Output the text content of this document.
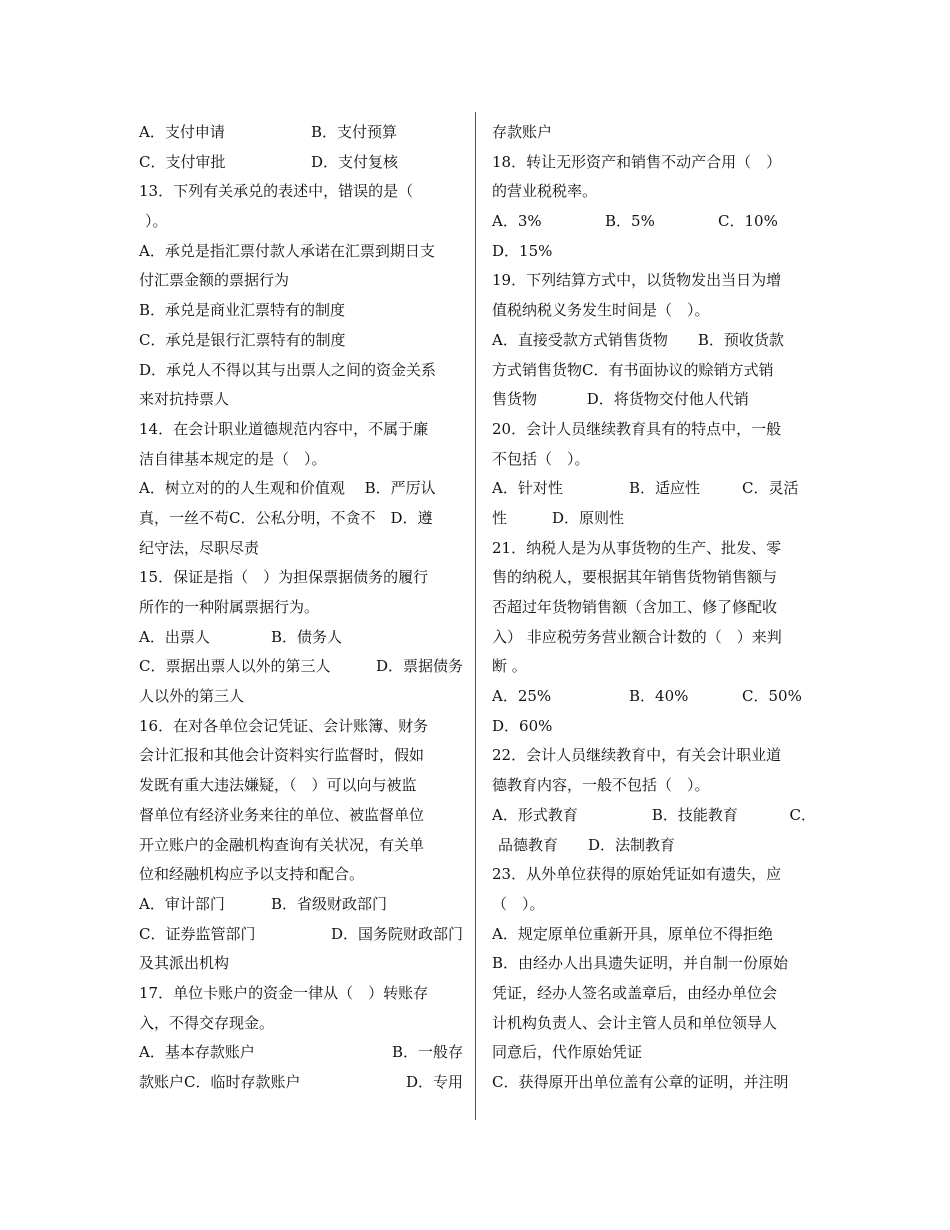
A．支付申请	B．支付预算
C．支付审批	D．支付复核
13．下列有关承兑的表述中，错误的是（
）。
A．承兑是指汇票付款人承诺在汇票到期日支
付汇票金额的票据行为
B．承兑是商业汇票特有的制度
C．承兑是银行汇票特有的制度
D．承兑人不得以其与出票人之间的资金关系
来对抗持票人
14．在会计职业道德规范内容中，不属于廉
洁自律基本规定的是（　）。
A．树立对的的人生观和价值观　 B．严厉认
真，一丝不苟C．公私分明，不贪不　D．遵
纪守法，尽职尽责
15．保证是指（　）为担保票据债务的履行
所作的一种附属票据行为。
A．出票人	B．债务人
C．票据出票人以外的第三人	D．票据债务
人以外的第三人
16．在对各单位会记凭证、会计账簿、财务
会计汇报和其他会计资料实行监督时，假如
发既有重大违法嫌疑，（　）可以向与被监
督单位有经济业务来往的单位、被监督单位
开立账户的金融机构查询有关状况，有关单
位和经融机构应予以支持和配合。
A．审计部门	B．省级财政部门
C．证券监管部门	D．国务院财政部门
及其派出机构
17．单位卡账户的资金一律从（　）转账存
入，不得交存现金。
A．基本存款账户	B．一般存
款账户C．临时存款账户	D．专用
存款账户
18．转让无形资产和销售不动产合用（　）
的营业税税率。
A．3%	B．5%	C．10%
D．15%
19．下列结算方式中，以货物发出当日为增
值税纳税义务发生时间是（　）。
A．直接受款方式销售货物　　B．预收货款
方式销售货物C．有书面协议的赊销方式销
售货物　　　 D．将货物交付他人代销
20．会计人员继续教育具有的特点中，一般
不包括（　）。
A．针对性	B．适应性	C．灵活
性　　　D．原则性
21．纳税人是为从事货物的生产、批发、零
售的纳税人，要根据其年销售货物销售额与
否超过年货物销售额（含加工、修了修配收
入） 非应税劳务营业额合计数的（　）来判
断 。
A．25%	B．40%	C．50%
D．60%
22．会计人员继续教育中，有关会计职业道
德教育内容，一般不包括（　）。
A．形式教育	B．技能教育	C．
品德教育　　D．法制教育
23．从外单位获得的原始凭证如有遗失，应
（　）。
A．规定原单位重新开具，原单位不得拒绝
B．由经办人出具遗失证明，并自制一份原始
凭证，经办人签名或盖章后，由经办单位会
计机构负责人、会计主管人员和单位领导人
同意后，代作原始凭证
C．获得原开出单位盖有公章的证明，并注明
